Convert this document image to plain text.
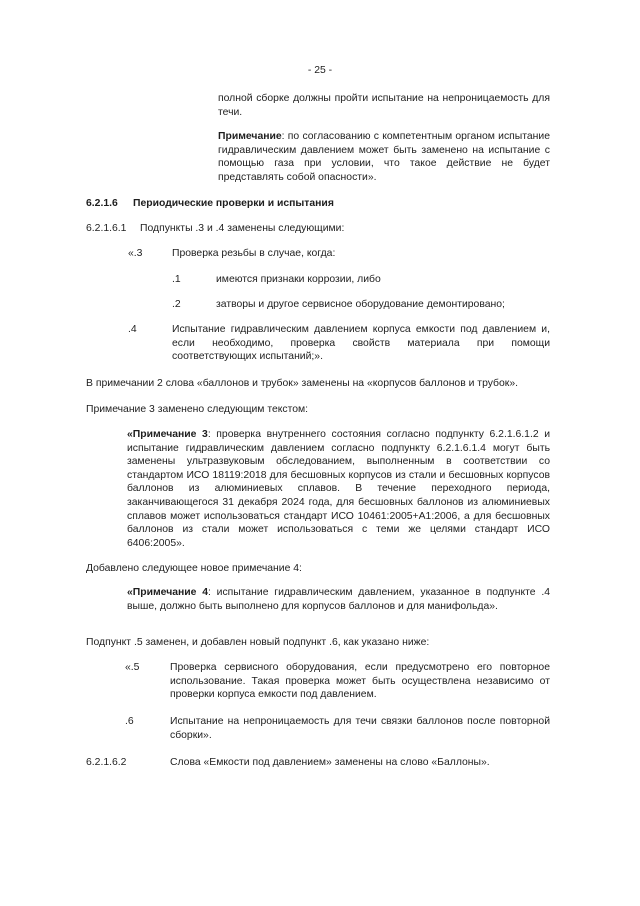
- 25 -

полной сборке должны пройти испытание на непроницаемость для течи.

Примечание: по согласованию с компетентным органом испытание гидравлическим давлением может быть заменено на испытание с помощью газа при условии, что такое действие не будет представлять собой опасности».

6.2.1.6 Периодические проверки и испытания
6.2.1.6.1 Подпункты .3 и .4 заменены следующими:
«.3	Проверка резьбы в случае, когда:
.1	имеются признаки коррозии, либо
.2	затворы и другое сервисное оборудование демонтировано;
.4	Испытание гидравлическим давлением корпуса емкости под давлением и, если необходимо, проверка свойств материала при помощи соответствующих испытаний;».

В примечании 2 слова «баллонов и трубок» заменены на «корпусов баллонов и трубок».

Примечание 3 заменено следующим текстом:

«Примечание 3: проверка внутреннего состояния согласно подпункту 6.2.1.6.1.2 и испытание гидравлическим давлением согласно подпункту 6.2.1.6.1.4 могут быть заменены ультразвуковым обследованием, выполненным в соответствии со стандартом ИСО 18119:2018 для бесшовных корпусов из стали и бесшовных корпусов баллонов из алюминиевых сплавов. В течение переходного периода, заканчивающегося 31 декабря 2024 года, для бесшовных баллонов из алюминиевых сплавов может использоваться стандарт ИСО 10461:2005+A1:2006, а для бесшовных баллонов из стали может использоваться с теми же целями стандарт ИСО 6406:2005».

Добавлено следующее новое примечание 4:

«Примечание 4: испытание гидравлическим давлением, указанное в подпункте .4 выше, должно быть выполнено для корпусов баллонов и для манифольда».

Подпункт .5 заменен, и добавлен новый подпункт .6, как указано ниже:

«.5	Проверка сервисного оборудования, если предусмотрено его повторное использование. Такая проверка может быть осуществлена независимо от проверки корпуса емкости под давлением.

.6	Испытание на непроницаемость для течи связки баллонов после повторной сборки».

6.2.1.6.2	Слова «Емкости под давлением» заменены на слово «Баллоны».
